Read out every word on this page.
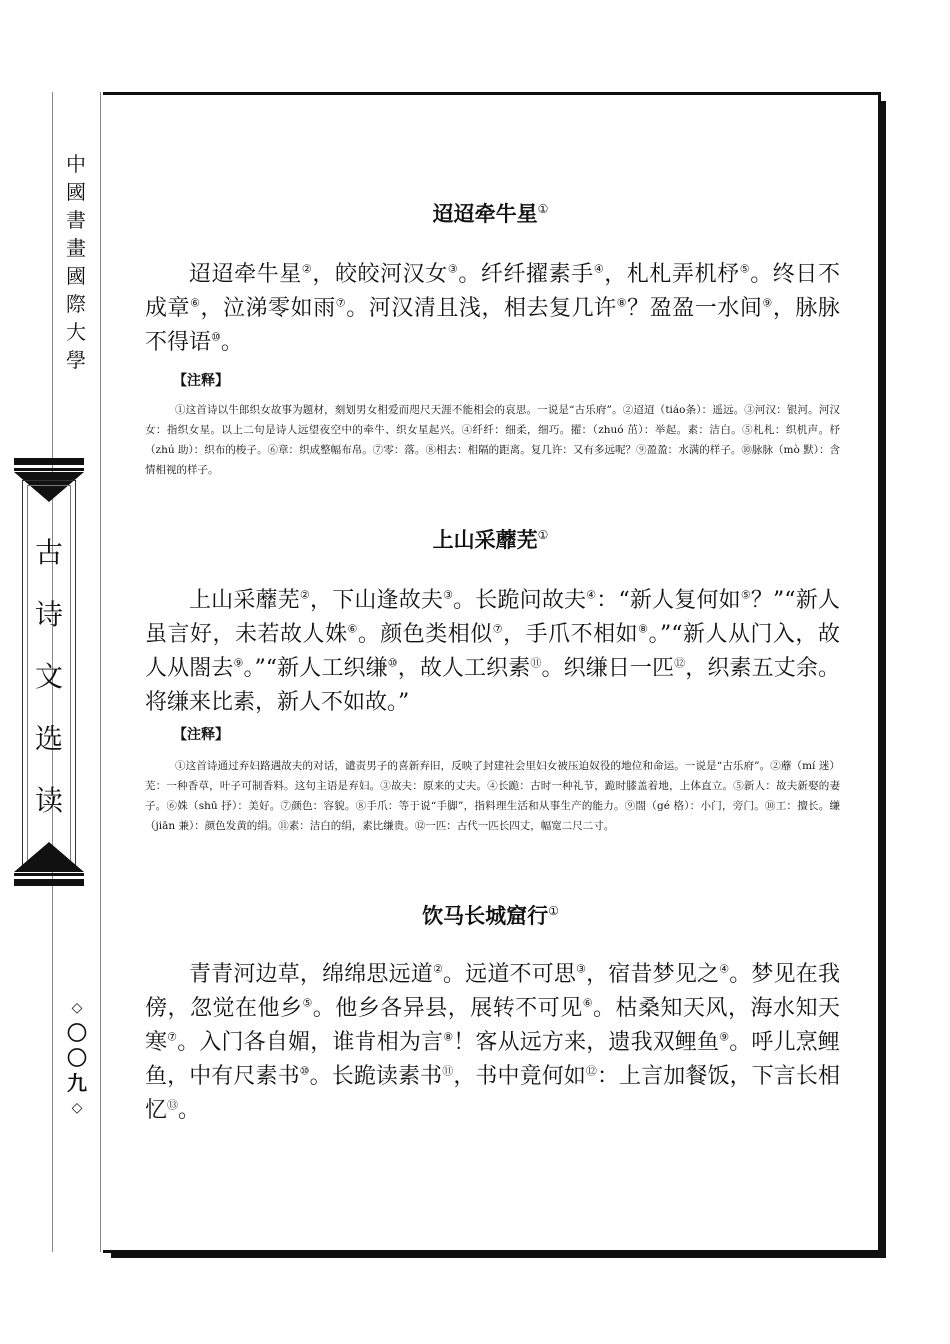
中
國
書
畫
國
際
大
學
古
诗
文
选
读
◇
〇
〇
九
◇
迢迢牵牛星①

迢迢牵牛星②，皎皎河汉女③。纤纤擢素手④，札札弄机杼⑤。终日不成章⑥，泣涕零如雨⑦。河汉清且浅，相去复几许⑧？盈盈一水间⑨，脉脉不得语⑩。

【注释】

①这首诗以牛郎织女故事为题材，刻划男女相爱而咫尺天涯不能相会的哀思。一说是“古乐府”。②迢迢（tiáo条）：遥远。③河汉：银河。河汉女：指织女星。以上二句是诗人远望夜空中的牵牛、织女星起兴。④纤纤：细柔，细巧。擢：（zhuó 茁）：举起。素：洁白。⑤札札：织机声。杼（zhú 助）：织布的梭子。⑥章：织成整幅布帛。⑦零：落。⑧相去：相隔的距离。复几许：又有多远呢？⑨盈盈：水满的样子。⑩脉脉（mò 默）：含情相视的样子。

上山采蘼芜①

上山采蘼芜②，下山逢故夫③。长跪问故夫④：“新人复何如⑤？”“新人虽言好，未若故人姝⑥。颜色类相似⑦，手爪不相如⑧。”“新人从门入，故人从閤去⑨。”“新人工织缣⑩，故人工织素⑪。织缣日一匹⑫，织素五丈余。将缣来比素，新人不如故。”

【注释】

①这首诗通过弃妇路遇故夫的对话，谴责男子的喜新弃旧，反映了封建社会里妇女被压迫奴役的地位和命运。一说是“古乐府”。②蘼（mí 迷）芜：一种香草，叶子可制香料。这句主语是弃妇。③故夫：原来的丈夫。④长跪：古时一种礼节，跪时膝盖着地，上体直立。⑤新人：故夫新娶的妻子。⑥姝（shū 抒）：美好。⑦颜色：容貌。⑧手爪：等于说“手脚”，指料理生活和从事生产的能力。⑨閤（gé 格）：小门，旁门。⑩工：擅长。缣（jiān 兼）：颜色发黄的绢。⑪素：洁白的绢，素比缣贵。⑫一匹：古代一匹长四丈，幅宽二尺二寸。

饮马长城窟行①

青青河边草，绵绵思远道②。远道不可思③，宿昔梦见之④。梦见在我傍，忽觉在他乡⑤。他乡各异县，展转不可见⑥。枯桑知天风，海水知天寒⑦。入门各自媚，谁肯相为言⑧！客从远方来，遗我双鲤鱼⑨。呼儿烹鲤鱼，中有尺素书⑩。长跪读素书⑪，书中竟何如⑫：上言加餐饭，下言长相忆⑬。
